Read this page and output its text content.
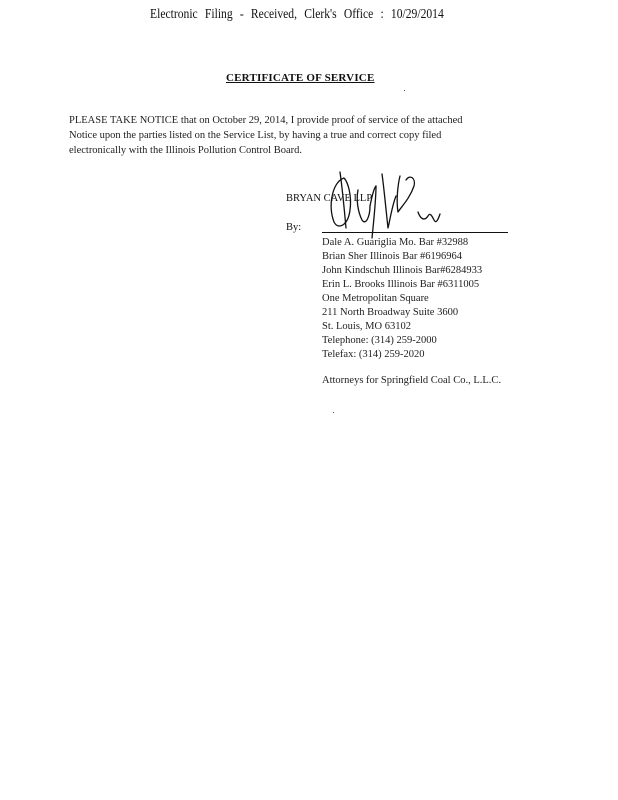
Electronic Filing - Received, Clerk's Office : 10/29/2014
CERTIFICATE OF SERVICE
PLEASE TAKE NOTICE that on October 29, 2014, I provide proof of service of the attached
Notice upon the parties listed on the Service List, by having a true and correct copy filed
electronically with the Illinois Pollution Control Board.
BRYAN CAVE LLP
By:
Dale A. Guariglia Mo. Bar #32988
Brian Sher Illinois Bar #6196964
John Kindschuh Illinois Bar#6284933
Erin L. Brooks Illinois Bar #6311005
One Metropolitan Square
211 North Broadway Suite 3600
St. Louis, MO 63102
Telephone: (314) 259-2000
Telefax: (314) 259-2020
Attorneys for Springfield Coal Co., L.L.C.
